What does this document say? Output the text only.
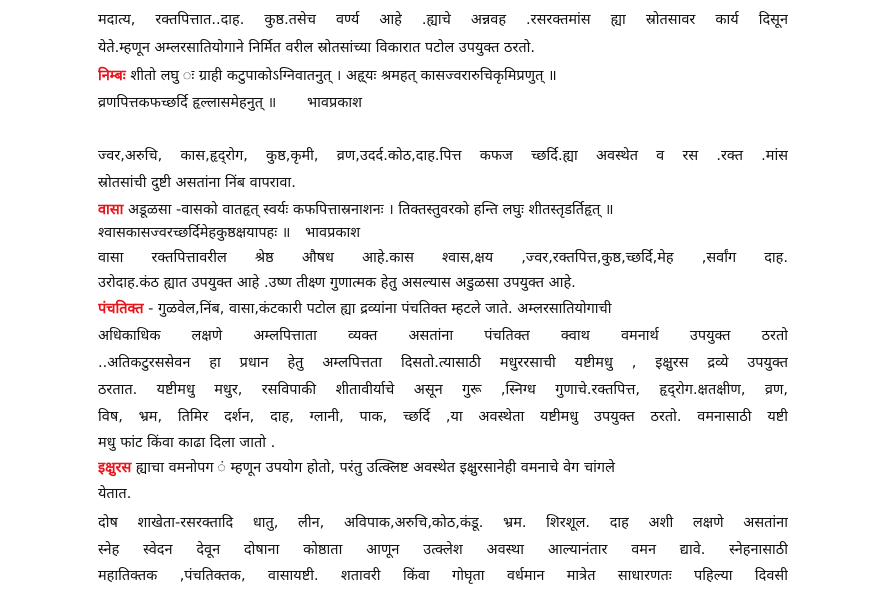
मदात्य, रक्तपित्तात..दाह. कुष्ठ.तसेच वर्ण्य आहे .ह्याचे अन्नवह .रसरक्तमांस ह्या स्रोतसावर कार्य दिसून
येते.म्हणून अम्लरसातियोगाने निर्मित वरील स्रोतसांच्या विकारात पटोल उपयुक्त ठरतो.
निम्बः शीतो लघु ः ग्राही कटुपाकोऽग्निवातनुत् । अहृ्यः श्रमहत् कासज्वरारुचिकृमिप्रणुत् ॥
व्रणपित्तकफच्छर्दि हृल्लासमेहनुत् ॥ भावप्रकाश
ज्वर,अरुचि, कास,हृद्‌रोग, कुष्ठ,कृमी, व्रण,उदर्द.कोठ,दाह.पित्त कफज च्छर्दि.ह्या अवस्थेत व रस .रक्त .मांस
स्रोतसांची दुष्टी असतांना निंब वापरावा.
वासा अडूळसा -वासको वातहृत् स्वर्यः कफपित्तास्रनाशनः । तिक्तस्तुवरको हन्ति लघुः शीतस्तृडर्तिहृत् ॥
श्वासकासज्वरच्छर्दिमेहकुष्ठक्षयापहः ॥ भावप्रकाश
वासा रक्तपित्तावरील श्रेष्ठ औषध आहे.कास श्वास,क्षय ,ज्वर,रक्तपित्त,कुष्ठ,च्छर्दि,मेह ,सर्वांग दाह.
उरोदाह.कंठ ह्यात उपयुक्त आहे .उष्ण तीक्ष्ण गुणात्मक हेतु असल्यास अडुळसा उपयुक्त आहे.
पंचतिक्त - गुळवेल,निंब, वासा,कंटकारी पटोल ह्या द्रव्यांना पंचतिक्त म्हटले जाते. अम्लरसातियोगाची
अधिकाधिक लक्षणे अम्लपित्ताता व्यक्त असतांना पंचतिक्त क्वाथ वमनार्थ उपयुक्त ठरतो
..अतिकटुरससेवन हा प्रधान हेतु अम्लपित्तता दिसतो.त्यासाठी मधुररसाची यष्टीमधु , इक्षुरस द्रव्ये उपयुक्त
ठरतात. यष्टीमधु मधुर, रसविपाकी शीतावीर्याचे असून गुरू ,स्निग्ध गुणाचे.रक्तपित्त, हृद्‌रोग.क्षतक्षीण, व्रण,
विष, भ्रम, तिमिर दर्शन, दाह, ग्लानी, पाक, च्छर्दि ,या अवस्थेता यष्टीमधु उपयुक्त ठरतो. वमनासाठी यष्टी
मधु फांट किंवा काढा दिला जातो .
इक्षुरस ह्याचा वमनोपग ं म्हणून उपयोग होतो, परंतु उत्क्लिष्ट अवस्थेत इक्षुरसानेही वमनाचे वेग चांगले
येतात.
दोष शाखेता-रसरक्तादि धातु, लीन, अविपाक,अरुचि,कोठ,कंडू. भ्रम. शिरशूल. दाह अशी लक्षणे असतांना
स्नेह स्वेदन देवून दोषाना कोष्ठाता आणून उत्क्लेश अवस्था आल्यानंतार वमन द्यावे. स्नेहनासाठी
महातिक्तक ,पंचतिक्तक, वासायष्टी. शतावरी किंवा गोघृता वर्धमान मात्रेत साधारणतः पहिल्या दिवसी
